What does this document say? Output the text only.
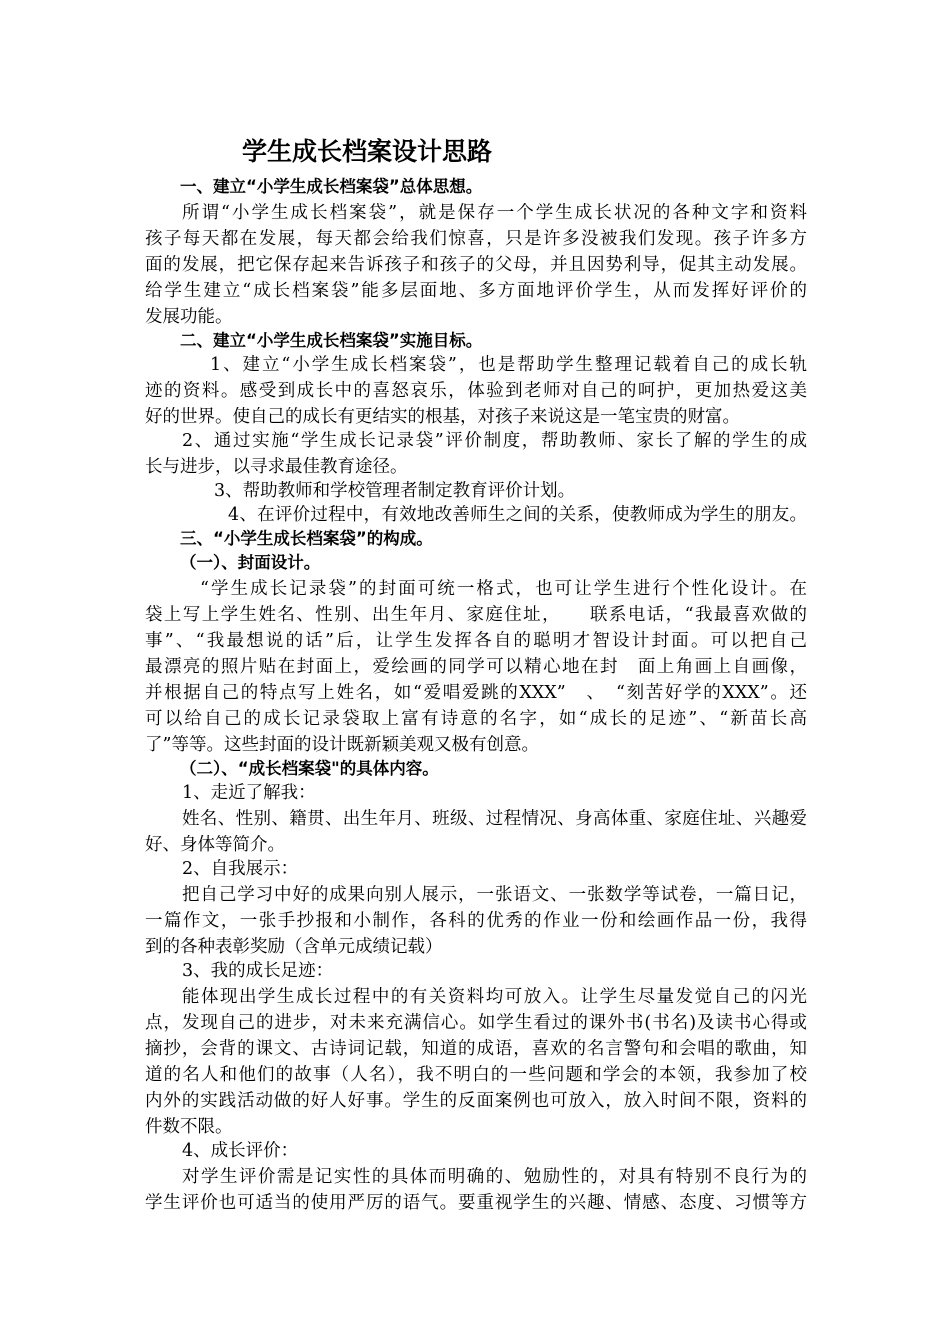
学生成长档案设计思路
一、建立“小学生成长档案袋”总体思想。
所谓“小学生成长档案袋”，就是保存一个学生成长状况的各种文字和资料
孩子每天都在发展，每天都会给我们惊喜，只是许多没被我们发现。孩子许多方
面的发展，把它保存起来告诉孩子和孩子的父母，并且因势利导，促其主动发展。
给学生建立“成长档案袋”能多层面地、多方面地评价学生，从而发挥好评价的
发展功能。
二、建立“小学生成长档案袋”实施目标。
1、建立“小学生成长档案袋”，也是帮助学生整理记载着自己的成长轨
迹的资料。感受到成长中的喜怒哀乐，体验到老师对自己的呵护，更加热爱这美
好的世界。使自己的成长有更结实的根基，对孩子来说这是一笔宝贵的财富。
2、通过实施“学生成长记录袋”评价制度，帮助教师、家长了解的学生的成
长与进步，以寻求最佳教育途径。
3、帮助教师和学校管理者制定教育评价计划。
4、在评价过程中，有效地改善师生之间的关系，使教师成为学生的朋友。
三、“小学生成长档案袋”的构成。
（一）、封面设计。
“学生成长记录袋”的封面可统一格式，也可让学生进行个性化设计。在
袋上写上学生姓名、性别、出生年月、家庭住址，　　联系电话，“我最喜欢做的
事”、“我最想说的话”后，让学生发挥各自的聪明才智设计封面。可以把自己
最漂亮的照片贴在封面上，爱绘画的同学可以精心地在封　面上角画上自画像，
并根据自己的特点写上姓名，如“爱唱爱跳的XXX”　、　“刻苦好学的XXX”。还
可以给自己的成长记录袋取上富有诗意的名字，如“成长的足迹”、“新苗长高
了”等等。这些封面的设计既新颖美观又极有创意。
（二）、“成长档案袋"的具体内容。
1、走近了解我：
姓名、性别、籍贯、出生年月、班级、过程情况、身高体重、家庭住址、兴趣爱
好、身体等简介。
2、自我展示：
把自己学习中好的成果向别人展示，一张语文、一张数学等试卷，一篇日记，
一篇作文，一张手抄报和小制作，各科的优秀的作业一份和绘画作品一份，我得
到的各种表彰奖励（含单元成绩记载）
3、我的成长足迹：
能体现出学生成长过程中的有关资料均可放入。让学生尽量发觉自己的闪光
点，发现自己的进步，对未来充满信心。如学生看过的课外书(书名)及读书心得或
摘抄，会背的课文、古诗词记载，知道的成语，喜欢的名言警句和会唱的歌曲，知
道的名人和他们的故事（人名），我不明白的一些问题和学会的本领，我参加了校
内外的实践活动做的好人好事。学生的反面案例也可放入，放入时间不限，资料的
件数不限。
4、成长评价：
对学生评价需是记实性的具体而明确的、勉励性的，对具有特别不良行为的
学生评价也可适当的使用严厉的语气。要重视学生的兴趣、情感、态度、习惯等方
